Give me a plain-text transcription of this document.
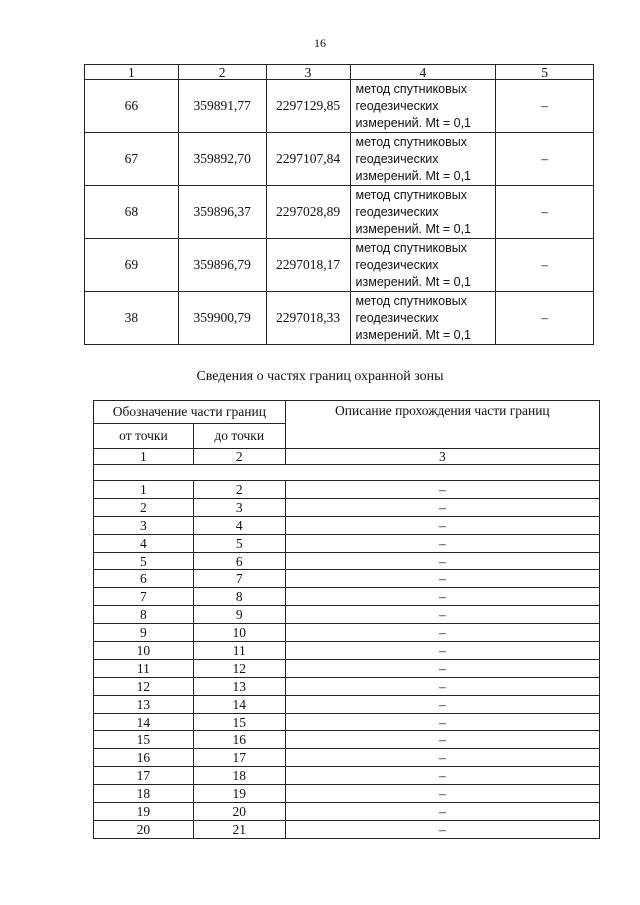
16
1	2	3	4	5
66	359891,77	2297129,85	метод спутниковых
геодезических
измерений. Mt = 0,1	–
67	359892,70	2297107,84	метод спутниковых
геодезических
измерений. Mt = 0,1	–
68	359896,37	2297028,89	метод спутниковых
геодезических
измерений. Mt = 0,1	–
69	359896,79	2297018,17	метод спутниковых
геодезических
измерений. Mt = 0,1	–
38	359900,79	2297018,33	метод спутниковых
геодезических
измерений. Mt = 0,1	–
Сведения о частях границ охранной зоны
Обозначение части границ		Описание прохождения части границ
от точки	до точки	
1	2	3

1	2	–
2	3	–
3	4	–
4	5	–
5	6	–
6	7	–
7	8	–
8	9	–
9	10	–
10	11	–
11	12	–
12	13	–
13	14	–
14	15	–
15	16	–
16	17	–
17	18	–
18	19	–
19	20	–
20	21	–
